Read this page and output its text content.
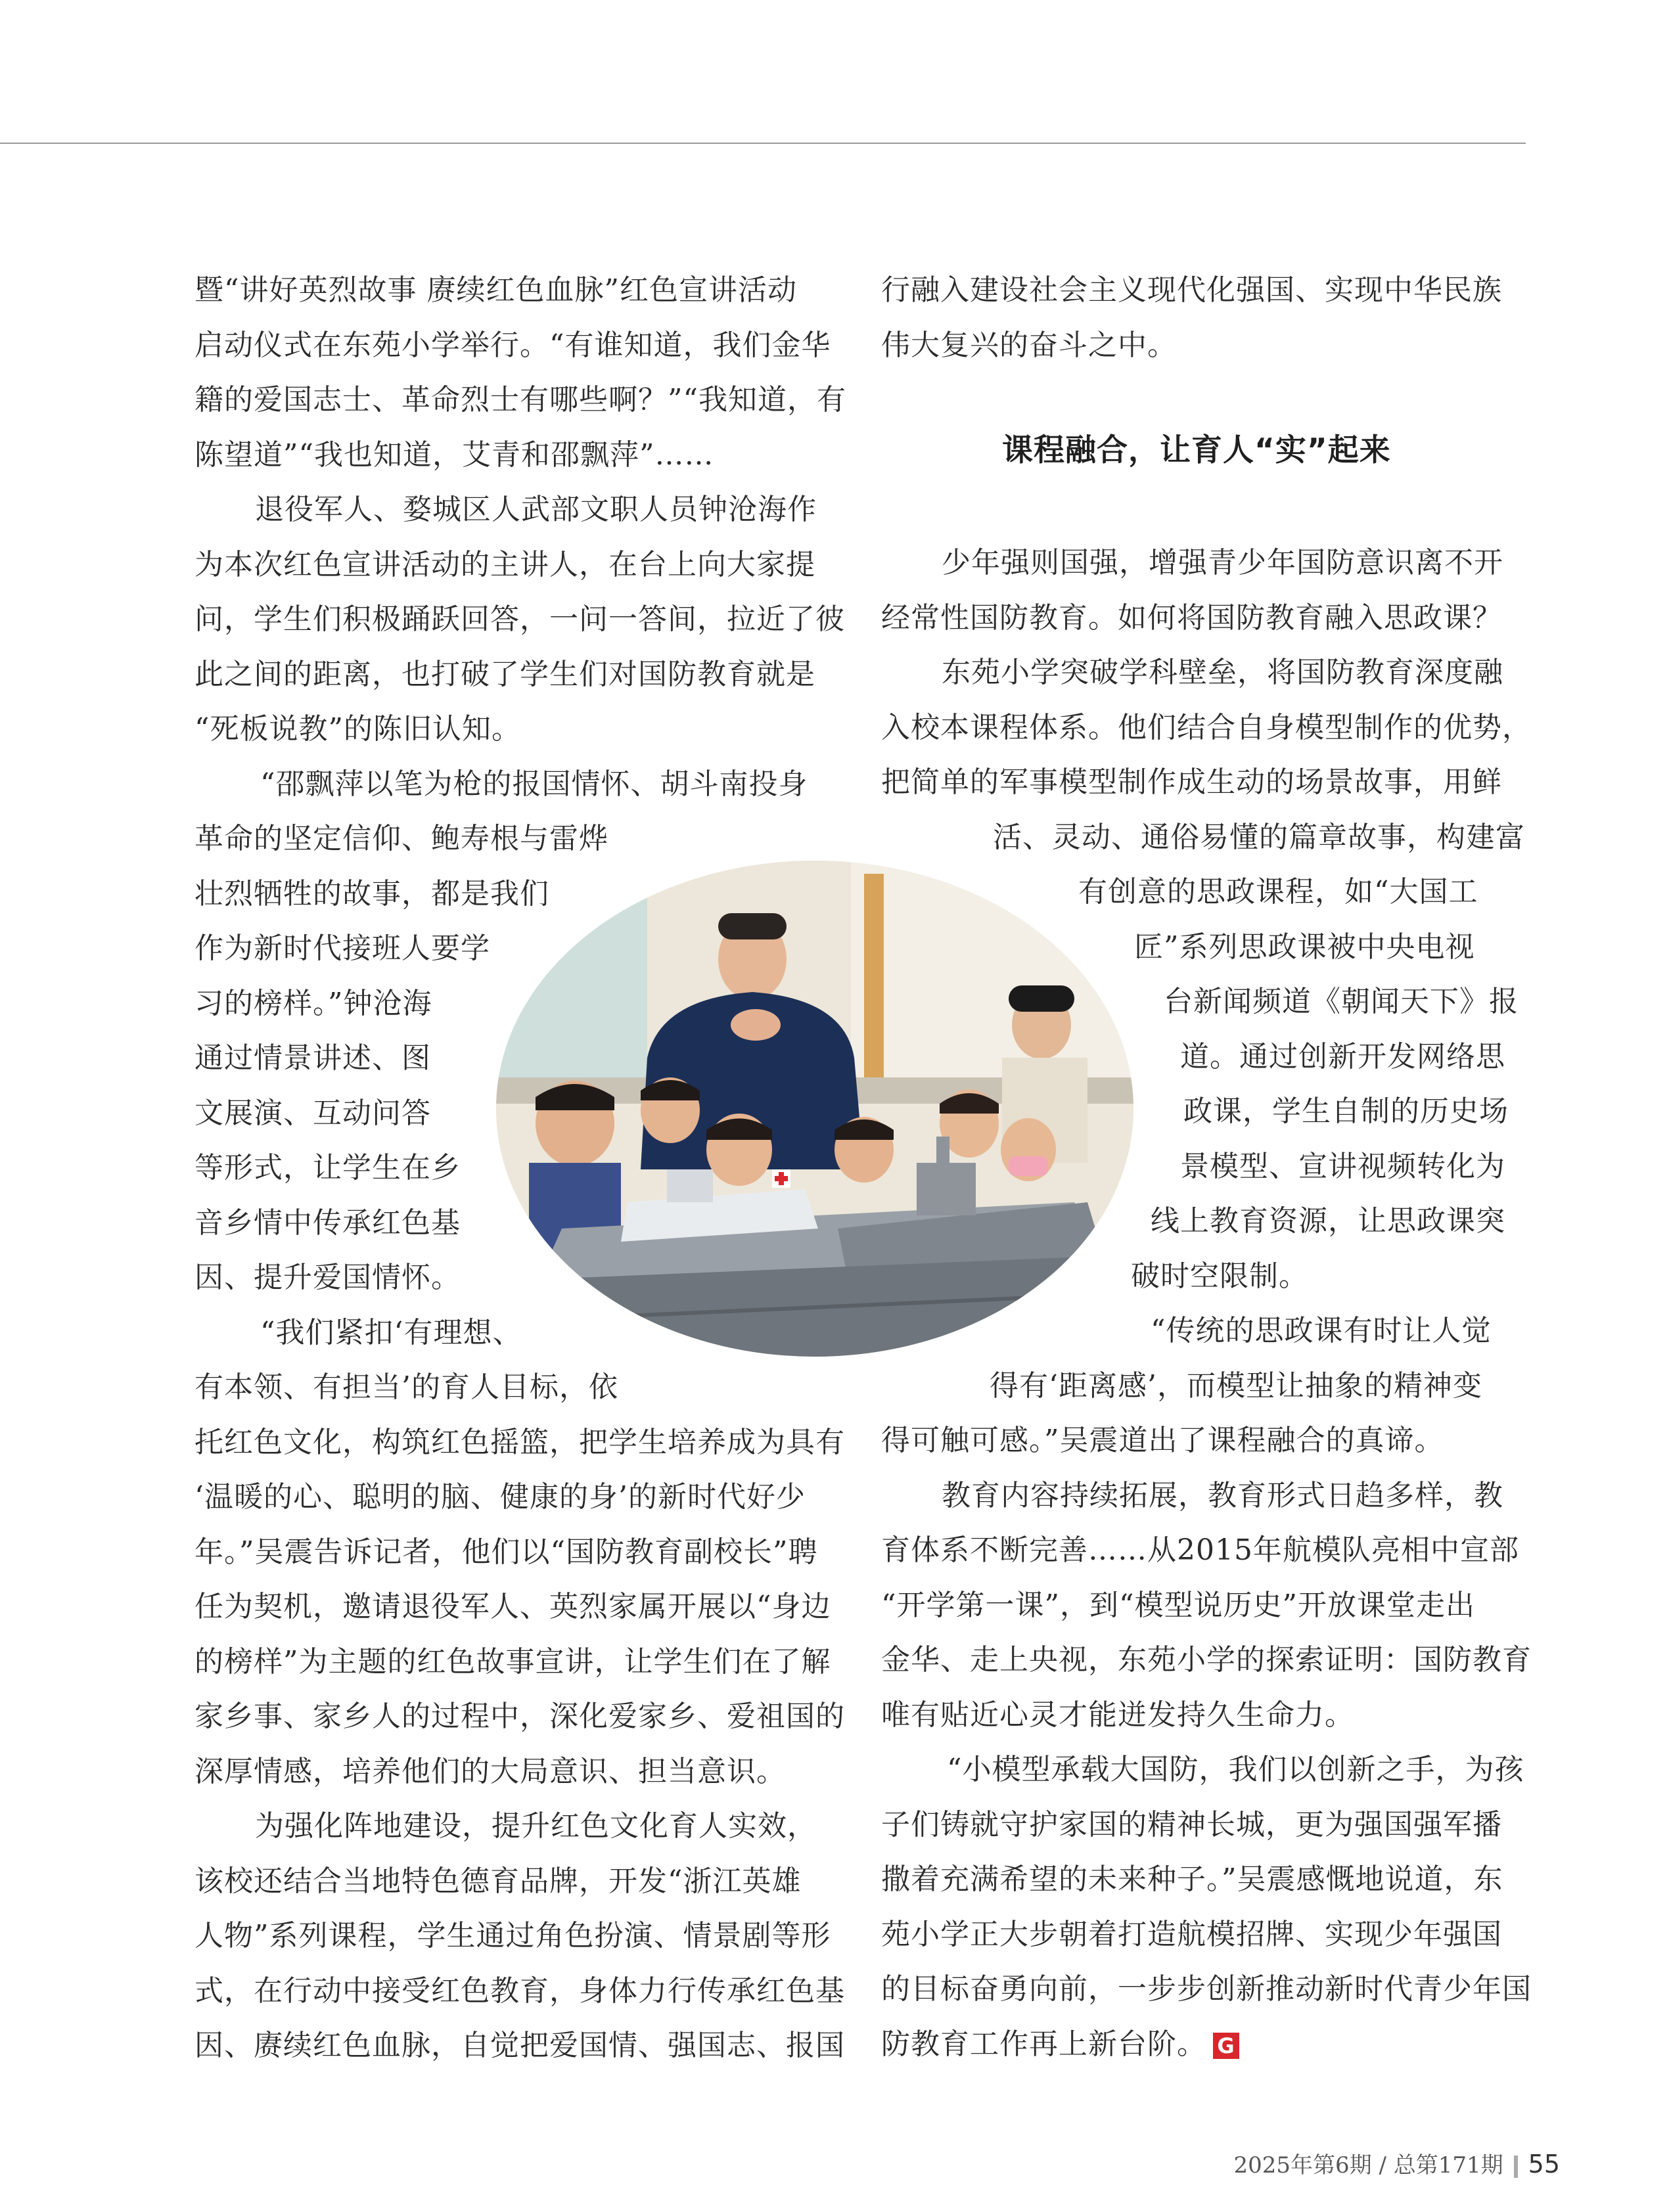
暨“讲好英烈故事 赓续红色血脉”红色宣讲活动
启动仪式在东苑小学举行。“有谁知道，我们金华
籍的爱国志士、革命烈士有哪些啊？”“我知道，有
陈望道”“我也知道，艾青和邵飘萍”……

退役军人、婺城区人武部文职人员钟沧海作
为本次红色宣讲活动的主讲人，在台上向大家提
问，学生们积极踊跃回答，一问一答间，拉近了彼
此之间的距离，也打破了学生们对国防教育就是
“死板说教”的陈旧认知。

“邵飘萍以笔为枪的报国情怀、胡斗南投身
革命的坚定信仰、鲍寿根与雷烨
壮烈牺牲的故事，都是我们
作为新时代接班人要学
习的榜样。”钟沧海
通过情景讲述、图
文展演、互动问答
等形式，让学生在乡
音乡情中传承红色基
因、提升爱国情怀。

“我们紧扣‘有理想、
有本领、有担当’的育人目标，依
托红色文化，构筑红色摇篮，把学生培养成为具有
‘温暖的心、聪明的脑、健康的身’的新时代好少
年。”吴震告诉记者，他们以“国防教育副校长”聘
任为契机，邀请退役军人、英烈家属开展以“身边
的榜样”为主题的红色故事宣讲，让学生们在了解
家乡事、家乡人的过程中，深化爱家乡、爱祖国的
深厚情感，培养他们的大局意识、担当意识。

为强化阵地建设，提升红色文化育人实效，
该校还结合当地特色德育品牌，开发“浙江英雄
人物”系列课程，学生通过角色扮演、情景剧等形
式，在行动中接受红色教育，身体力行传承红色基
因、赓续红色血脉，自觉把爱国情、强国志、报国

行融入建设社会主义现代化强国、实现中华民族
伟大复兴的奋斗之中。

课程融合，让育人“实”起来

少年强则国强，增强青少年国防意识离不开
经常性国防教育。如何将国防教育融入思政课？

东苑小学突破学科壁垒，将国防教育深度融
入校本课程体系。他们结合自身模型制作的优势，
把简单的军事模型制作成生动的场景故事，用鲜
活、灵动、通俗易懂的篇章故事，构建富
有创意的思政课程，如“大国工
匠”系列思政课被中央电视
台新闻频道《朝闻天下》报
道。通过创新开发网络思
政课，学生自制的历史场
景模型、宣讲视频转化为
线上教育资源，让思政课突
破时空限制。

“传统的思政课有时让人觉
得有‘距离感’，而模型让抽象的精神变
得可触可感。”吴震道出了课程融合的真谛。

教育内容持续拓展，教育形式日趋多样，教
育体系不断完善……从2015年航模队亮相中宣部
“开学第一课”，到“模型说历史”开放课堂走出
金华、走上央视，东苑小学的探索证明：国防教育
唯有贴近心灵才能迸发持久生命力。

“小模型承载大国防，我们以创新之手，为孩
子们铸就守护家国的精神长城，更为强国强军播
撒着充满希望的未来种子。”吴震感慨地说道，东
苑小学正大步朝着打造航模招牌、实现少年强国
的目标奋勇向前，一步步创新推动新时代青少年国
防教育工作再上新台阶。 G

2025年第6期 / 总第171期 55
